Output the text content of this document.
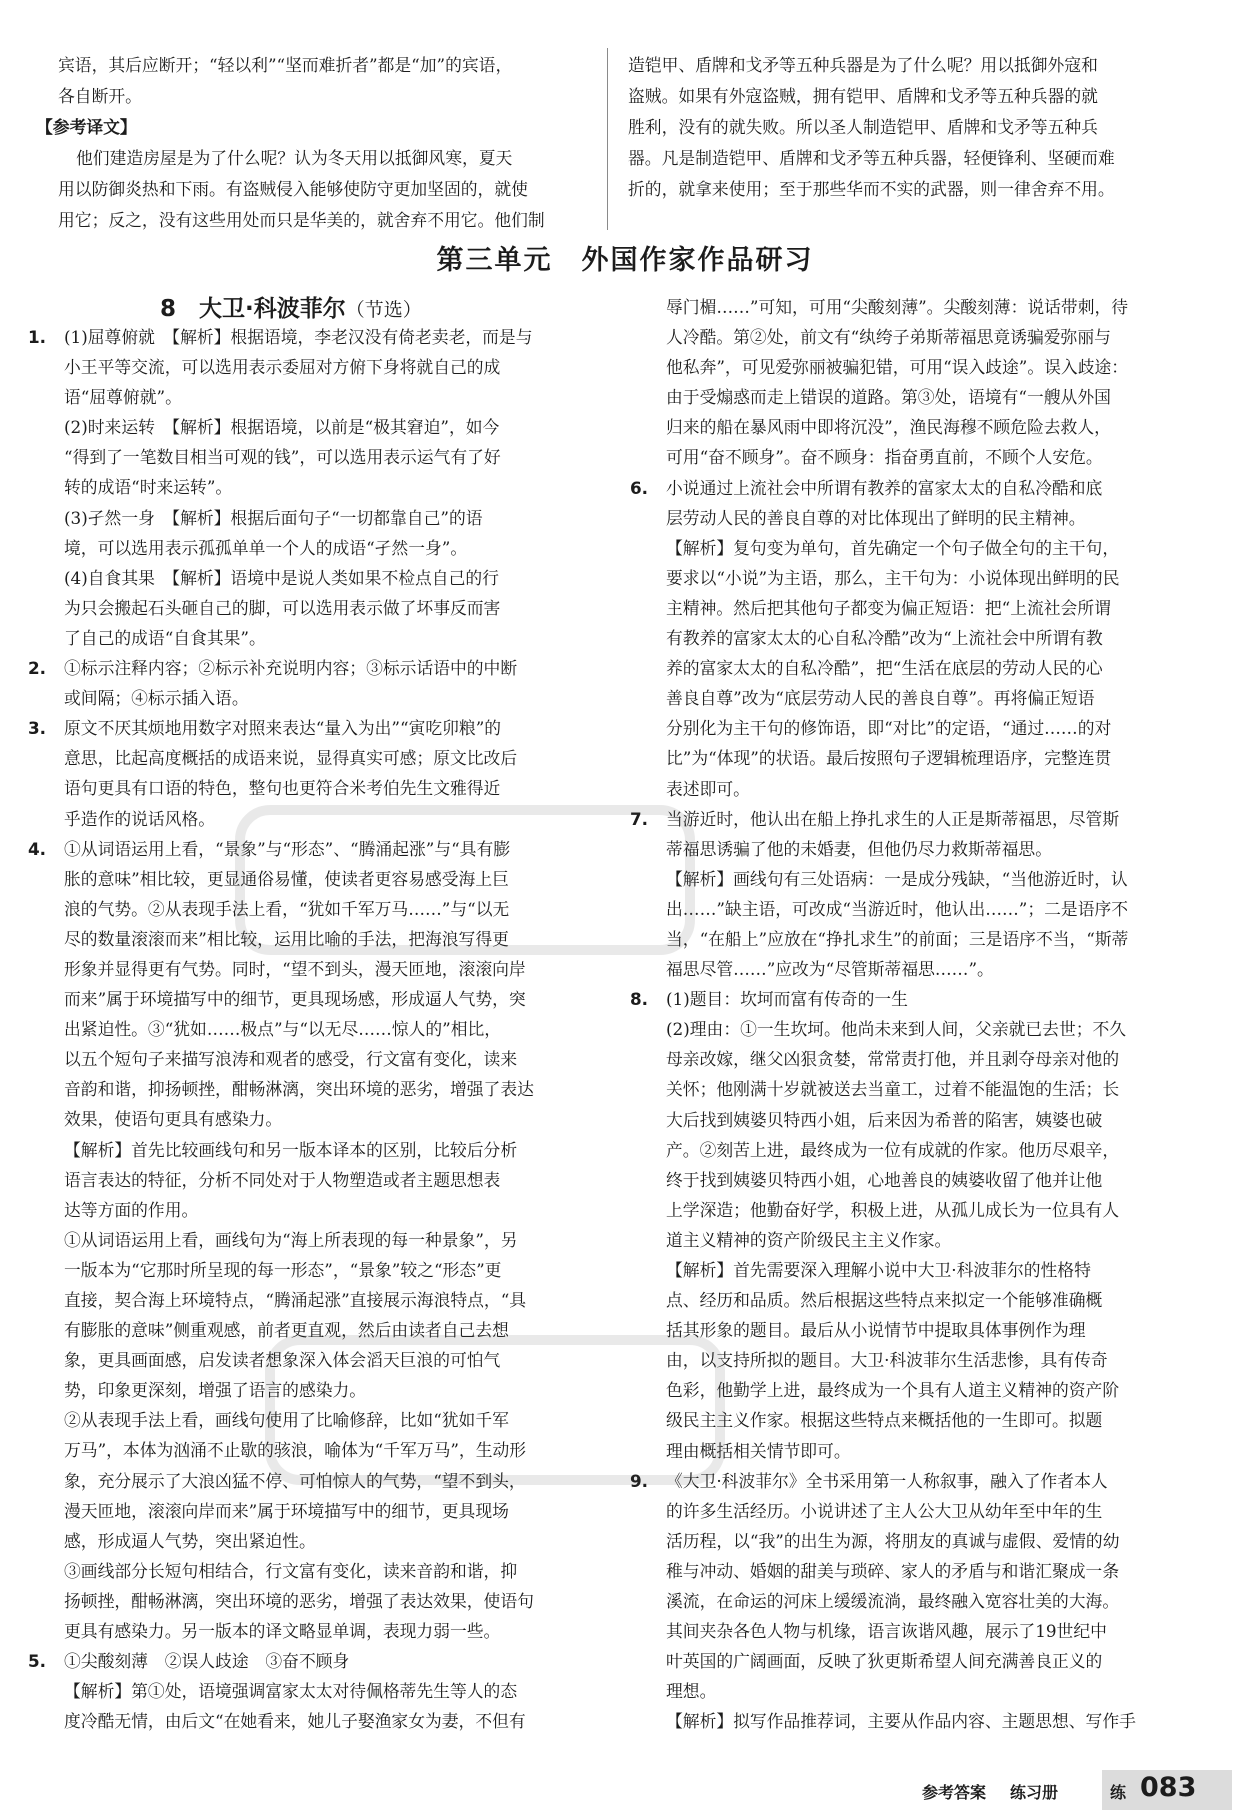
宾语，其后应断开；“轻以利”“坚而难折者”都是“加”的宾语，
各自断开。
【参考译文】
他们建造房屋是为了什么呢？认为冬天用以抵御风寒，夏天
用以防御炎热和下雨。有盗贼侵入能够使防守更加坚固的，就使
用它；反之，没有这些用处而只是华美的，就舍弃不用它。他们制
造铠甲、盾牌和戈矛等五种兵器是为了什么呢？用以抵御外寇和
盗贼。如果有外寇盗贼，拥有铠甲、盾牌和戈矛等五种兵器的就
胜利，没有的就失败。所以圣人制造铠甲、盾牌和戈矛等五种兵
器。凡是制造铠甲、盾牌和戈矛等五种兵器，轻便锋利、坚硬而难
折的，就拿来使用；至于那些华而不实的武器，则一律舍弃不用。
第三单元　外国作家作品研习
8　大卫·科波菲尔（节选）
1. (1)屈尊俯就　【解析】根据语境，李老汉没有倚老卖老，而是与
小王平等交流，可以选用表示委屈对方俯下身将就自己的成
语“屈尊俯就”。
(2)时来运转　【解析】根据语境，以前是“极其窘迫”，如今
“得到了一笔数目相当可观的钱”，可以选用表示运气有了好
转的成语“时来运转”。
(3)孑然一身　【解析】根据后面句子“一切都靠自己”的语
境，可以选用表示孤孤单单一个人的成语“孑然一身”。
(4)自食其果　【解析】语境中是说人类如果不检点自己的行
为只会搬起石头砸自己的脚，可以选用表示做了坏事反而害
了自己的成语“自食其果”。
2. ①标示注释内容；②标示补充说明内容；③标示话语中的中断
或间隔；④标示插入语。
3. 原文不厌其烦地用数字对照来表达“量入为出”“寅吃卯粮”的
意思，比起高度概括的成语来说，显得真实可感；原文比改后
语句更具有口语的特色，整句也更符合米考伯先生文雅得近
乎造作的说话风格。
4. ①从词语运用上看，“景象”与“形态”、“腾涌起涨”与“具有膨
胀的意味”相比较，更显通俗易懂，使读者更容易感受海上巨
浪的气势。②从表现手法上看，“犹如千军万马……”与“以无
尽的数量滚滚而来”相比较，运用比喻的手法，把海浪写得更
形象并显得更有气势。同时，“望不到头，漫天匝地，滚滚向岸
而来”属于环境描写中的细节，更具现场感，形成逼人气势，突
出紧迫性。③“犹如……极点”与“以无尽……惊人的”相比，
以五个短句子来描写浪涛和观者的感受，行文富有变化，读来
音韵和谐，抑扬顿挫，酣畅淋漓，突出环境的恶劣，增强了表达
效果，使语句更具有感染力。
【解析】首先比较画线句和另一版本译本的区别，比较后分析
语言表达的特征，分析不同处对于人物塑造或者主题思想表
达等方面的作用。
①从词语运用上看，画线句为“海上所表现的每一种景象”，另
一版本为“它那时所呈现的每一形态”，“景象”较之“形态”更
直接，契合海上环境特点，“腾涌起涨”直接展示海浪特点，“具
有膨胀的意味”侧重观感，前者更直观，然后由读者自己去想
象，更具画面感，启发读者想象深入体会滔天巨浪的可怕气
势，印象更深刻，增强了语言的感染力。
②从表现手法上看，画线句使用了比喻修辞，比如“犹如千军
万马”，本体为汹涌不止歇的骇浪，喻体为“千军万马”，生动形
象，充分展示了大浪凶猛不停、可怕惊人的气势，“望不到头，
漫天匝地，滚滚向岸而来”属于环境描写中的细节，更具现场
感，形成逼人气势，突出紧迫性。
③画线部分长短句相结合，行文富有变化，读来音韵和谐，抑
扬顿挫，酣畅淋漓，突出环境的恶劣，增强了表达效果，使语句
更具有感染力。另一版本的译文略显单调，表现力弱一些。
5. ①尖酸刻薄　②误人歧途　③奋不顾身
【解析】第①处，语境强调富家太太对待佩格蒂先生等人的态
度冷酷无情，由后文“在她看来，她儿子娶渔家女为妻，不但有
辱门楣……”可知，可用“尖酸刻薄”。尖酸刻薄：说话带刺，待
人冷酷。第②处，前文有“纨绔子弟斯蒂福思竟诱骗爱弥丽与
他私奔”，可见爱弥丽被骗犯错，可用“误入歧途”。误入歧途：
由于受煽惑而走上错误的道路。第③处，语境有“一艘从外国
归来的船在暴风雨中即将沉没”，渔民海穆不顾危险去救人，
可用“奋不顾身”。奋不顾身：指奋勇直前，不顾个人安危。
6. 小说通过上流社会中所谓有教养的富家太太的自私冷酷和底
层劳动人民的善良自尊的对比体现出了鲜明的民主精神。
【解析】复句变为单句，首先确定一个句子做全句的主干句，
要求以“小说”为主语，那么，主干句为：小说体现出鲜明的民
主精神。然后把其他句子都变为偏正短语：把“上流社会所谓
有教养的富家太太的心自私冷酷”改为“上流社会中所谓有教
养的富家太太的自私冷酷”，把“生活在底层的劳动人民的心
善良自尊”改为“底层劳动人民的善良自尊”。再将偏正短语
分别化为主干句的修饰语，即“对比”的定语，“通过……的对
比”为“体现”的状语。最后按照句子逻辑梳理语序，完整连贯
表述即可。
7. 当游近时，他认出在船上挣扎求生的人正是斯蒂福思，尽管斯
蒂福思诱骗了他的未婚妻，但他仍尽力救斯蒂福思。
【解析】画线句有三处语病：一是成分残缺，“当他游近时，认
出……”缺主语，可改成“当游近时，他认出……”；二是语序不
当，“在船上”应放在“挣扎求生”的前面；三是语序不当，“斯蒂
福思尽管……”应改为“尽管斯蒂福思……”。
8. (1)题目：坎坷而富有传奇的一生
(2)理由：①一生坎坷。他尚未来到人间，父亲就已去世；不久
母亲改嫁，继父凶狠贪婪，常常责打他，并且剥夺母亲对他的
关怀；他刚满十岁就被送去当童工，过着不能温饱的生活；长
大后找到姨婆贝特西小姐，后来因为希普的陷害，姨婆也破
产。②刻苦上进，最终成为一位有成就的作家。他历尽艰辛，
终于找到姨婆贝特西小姐，心地善良的姨婆收留了他并让他
上学深造；他勤奋好学，积极上进，从孤儿成长为一位具有人
道主义精神的资产阶级民主主义作家。
【解析】首先需要深入理解小说中大卫·科波菲尔的性格特
点、经历和品质。然后根据这些特点来拟定一个能够准确概
括其形象的题目。最后从小说情节中提取具体事例作为理
由，以支持所拟的题目。大卫·科波菲尔生活悲惨，具有传奇
色彩，他勤学上进，最终成为一个具有人道主义精神的资产阶
级民主主义作家。根据这些特点来概括他的一生即可。拟题
理由概括相关情节即可。
9. 《大卫·科波菲尔》全书采用第一人称叙事，融入了作者本人
的许多生活经历。小说讲述了主人公大卫从幼年至中年的生
活历程，以“我”的出生为源，将朋友的真诚与虚假、爱情的幼
稚与冲动、婚姻的甜美与琐碎、家人的矛盾与和谐汇聚成一条
溪流，在命运的河床上缓缓流淌，最终融入宽容壮美的大海。
其间夹杂各色人物与机缘，语言诙谐风趣，展示了19世纪中
叶英国的广阔画面，反映了狄更斯希望人间充满善良正义的
理想。
【解析】拟写作品推荐词，主要从作品内容、主题思想、写作手
参考答案 练习册	练 083
